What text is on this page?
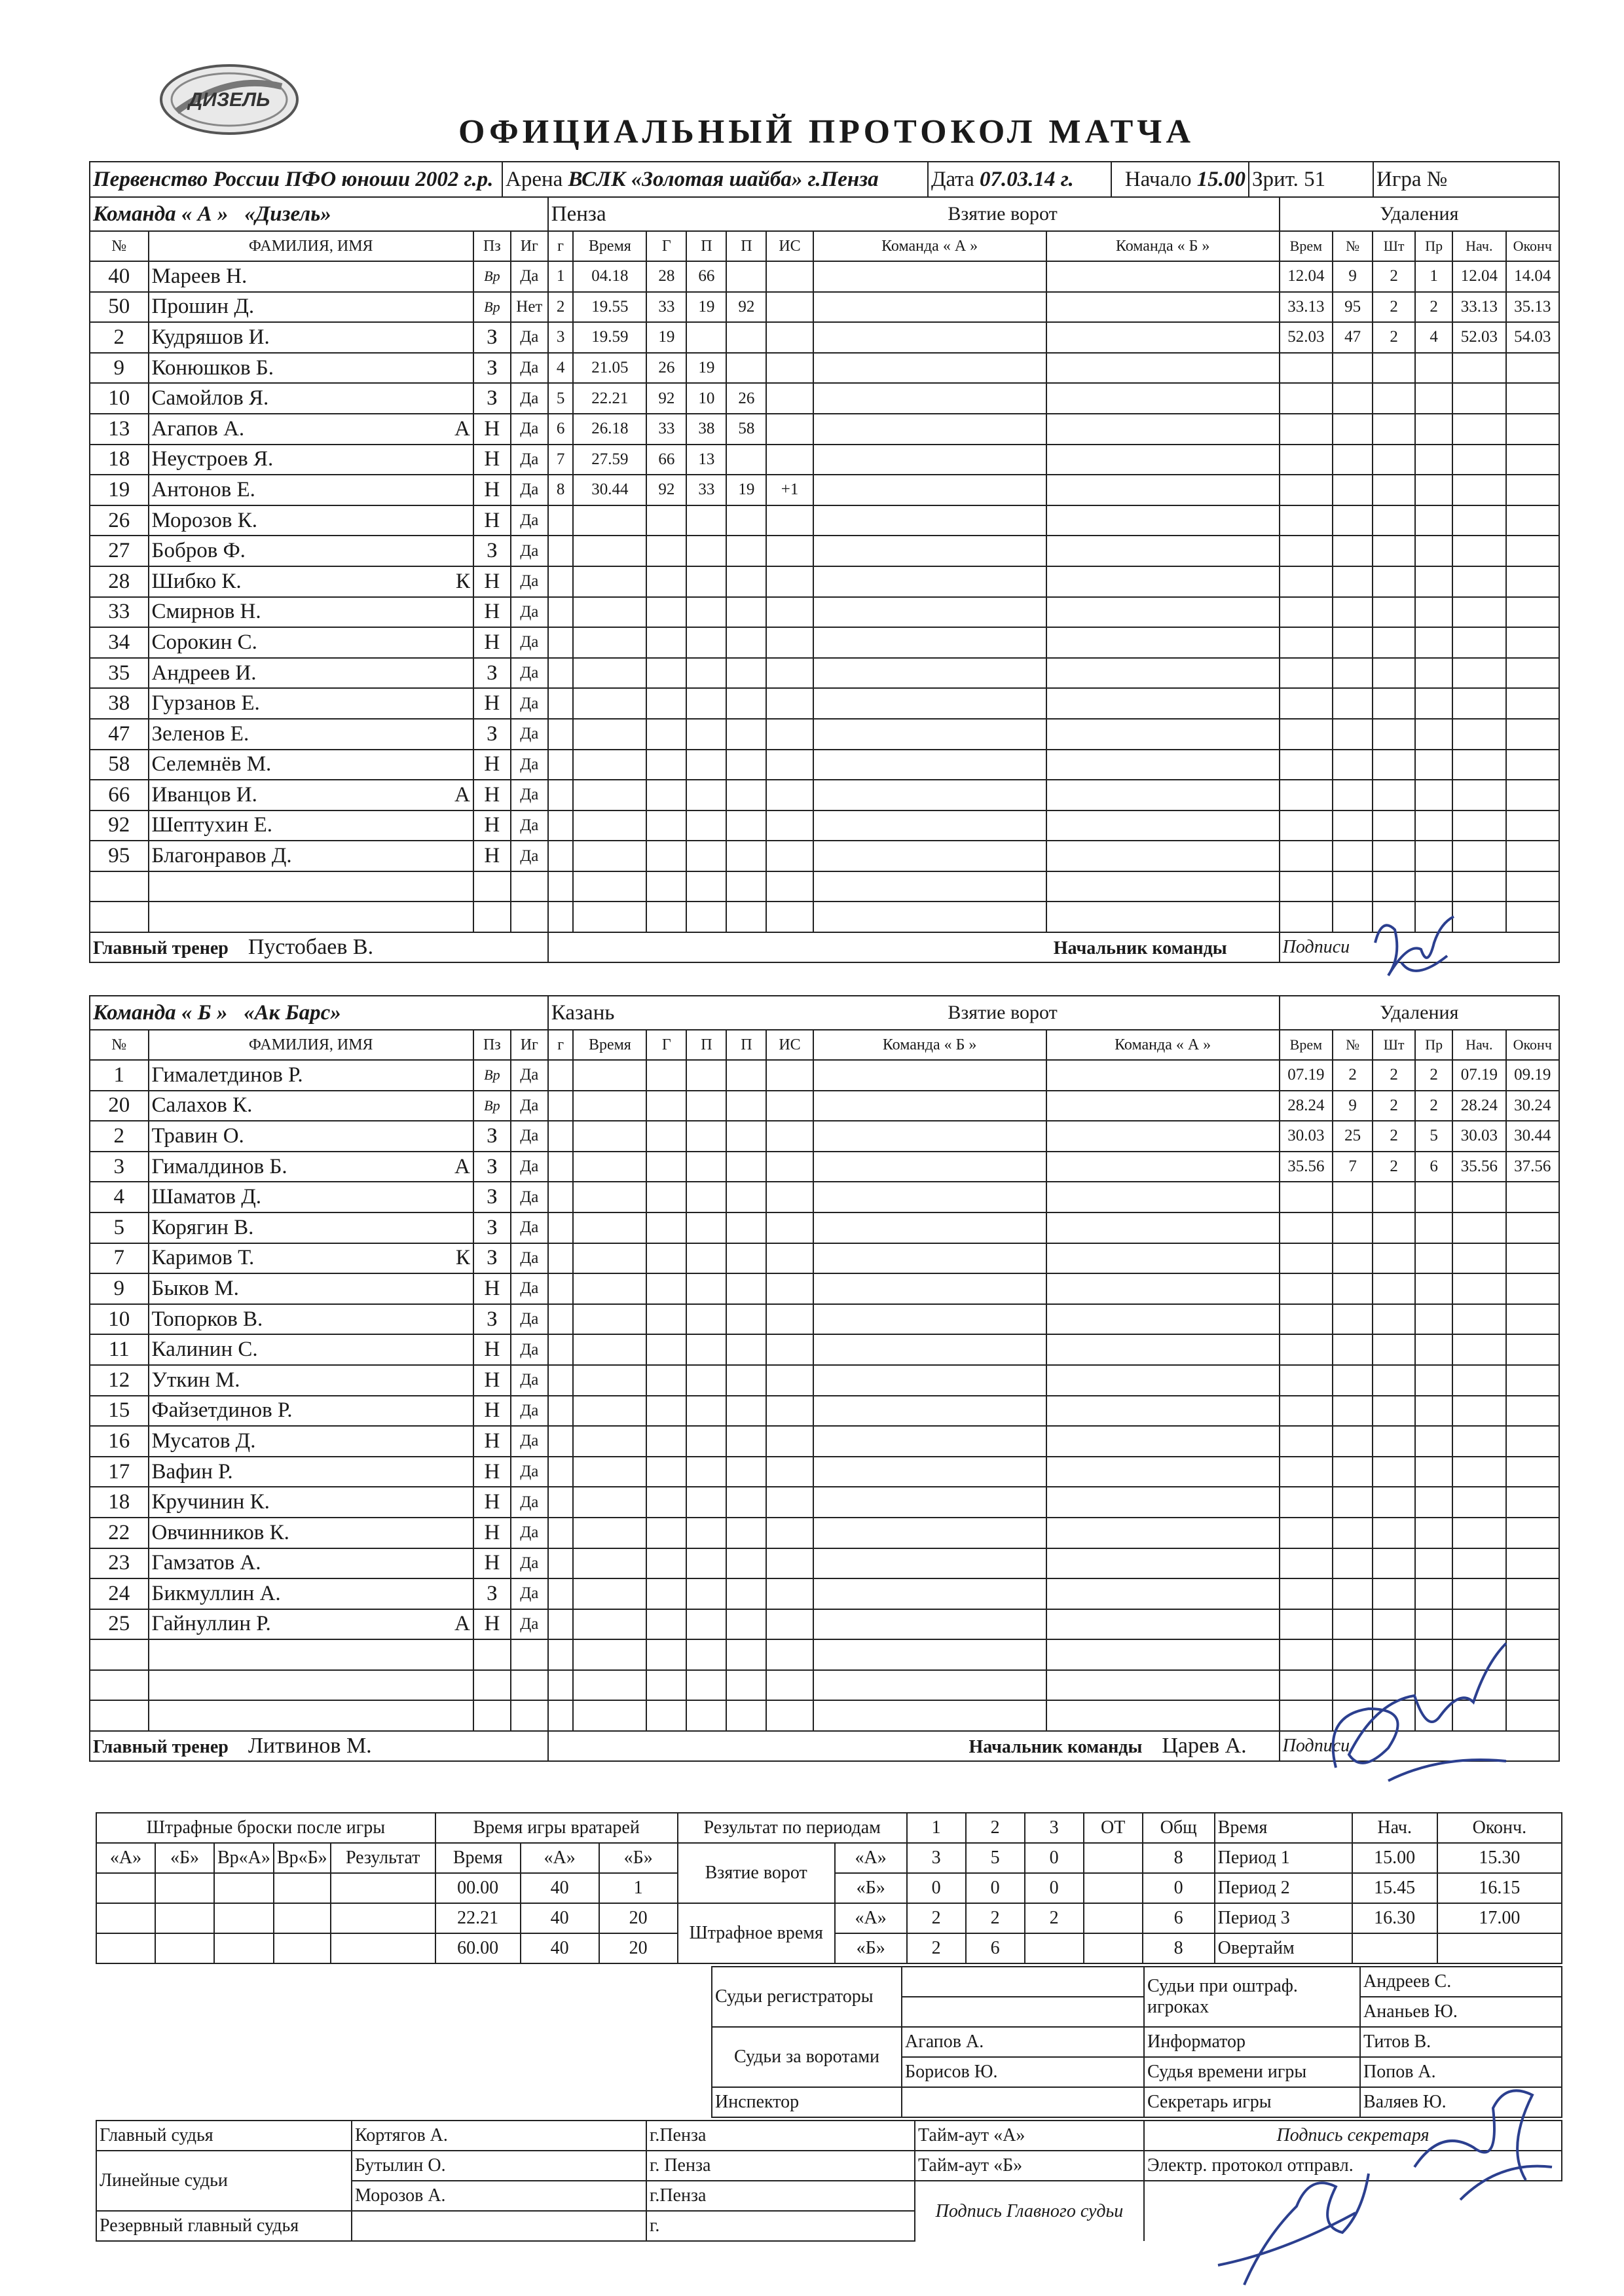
ДИЗЕЛЬ
ОФИЦИАЛЬНЫЙ ПРОТОКОЛ МАТЧА
Первенство России ПФО юноши 2002 г.р.	Арена ВСЛК «Золотая шайба» г.Пенза	Дата 07.03.14 г.	Начало 15.00	Зрит. 51	Игра №
Команда « А » «Дизель»				Пенза				Взятие ворот				Удаления					
№	ФАМИЛИЯ, ИМЯ	Пз	Иг	г	Время	Г	П	П	ИС	Команда « А »	Команда « Б »	Врем	№	Шт	Пр	Нач.	Оконч
40	Мареев Н.	Вр	Да	1	04.18	28	66					12.04	9	2	1	12.04	14.04
50	Прошин Д.	Вр	Нет	2	19.55	33	19	92				33.13	95	2	2	33.13	35.13
2	Кудряшов И.	З	Да	3	19.59	19						52.03	47	2	4	52.03	54.03
9	Конюшков Б.	З	Да	4	21.05	26	19										
10	Самойлов Я.	З	Да	5	22.21	92	10	26									
13	Агапов А. А	Н	Да	6	26.18	33	38	58									
18	Неустроев Я.	Н	Да	7	27.59	66	13										
19	Антонов Е.	Н	Да	8	30.44	92	33	19	+1								
26	Морозов К.	Н	Да														
27	Бобров Ф.	З	Да														
28	Шибко К. К	Н	Да														
33	Смирнов Н.	Н	Да														
34	Сорокин С.	Н	Да														
35	Андреев И.	З	Да														
38	Гурзанов Е.	Н	Да														
47	Зеленов Е.	З	Да														
58	Селемнёв М.	Н	Да														
66	Иванцов И. А	Н	Да														
92	Шептухин Е.	Н	Да														
95	Благонравов Д.	Н	Да														

Главный тренер Пустобаев В.				Начальник команды								Подписи					
Команда « Б » «Ак Барс»				Казань				Взятие ворот				Удаления					
№	ФАМИЛИЯ, ИМЯ	Пз	Иг	г	Время	Г	П	П	ИС	Команда « Б »	Команда « А »	Врем	№	Шт	Пр	Нач.	Оконч
1	Гималетдинов Р.	Вр	Да									07.19	2	2	2	07.19	09.19
20	Салахов К.	Вр	Да									28.24	9	2	2	28.24	30.24
2	Травин О.	З	Да									30.03	25	2	5	30.03	30.44
3	Гималдинов Б. А	З	Да									35.56	7	2	6	35.56	37.56
4	Шаматов Д.	З	Да														
5	Корягин В.	З	Да														
7	Каримов Т. К	З	Да														
9	Быков М.	Н	Да														
10	Топорков В.	З	Да														
11	Калинин С.	Н	Да														
12	Уткин М.	Н	Да														
15	Файзетдинов Р.	Н	Да														
16	Мусатов Д.	Н	Да														
17	Вафин Р.	Н	Да														
18	Кручинин К.	Н	Да														
22	Овчинников К.	Н	Да														
23	Гамзатов А.	Н	Да														
24	Бикмуллин А.	З	Да														
25	Гайнуллин Р. А	Н	Да														

Главный тренер Литвинов М.				Начальник команды Царев А.								Подписи					
Штрафные броски после игры					Время игры вратарей			Результат по периодам		1	2	3	ОТ	Общ	Время	Нач.	Оконч.
«А»	«Б»	Вр«А»	Вр«Б»	Результат	Время	«А»	«Б»	Взятие ворот	«А»	3	5	0		8	Период 1	15.00	15.30
					00.00	40	1		«Б»	0	0	0		0	Период 2	15.45	16.15
					22.21	40	20	Штрафное время	«А»	2	2	2		6	Период 3	16.30	17.00
					60.00	40	20		«Б»	2	6			8	Овертайм		
Судьи регистраторы		Судьи при оштраф. игроках	Андреев С.
			Ананьев Ю.
Судьи за воротами	Агапов А.	Информатор	Титов В.
	Борисов Ю.	Судья времени игры	Попов А.
Инспектор		Секретарь игры	Валяев Ю.
Главный судья	Кортягов А.	г.Пенза	Тайм-аут «А»	Подпись секретаря
Линейные судьи	Бутылин О.	г. Пенза	Тайм-аут «Б»	Электр. протокол отправл.
	Морозов А.	г.Пенза	Подпись Главного судьи	
Резервный главный судья		г.		
